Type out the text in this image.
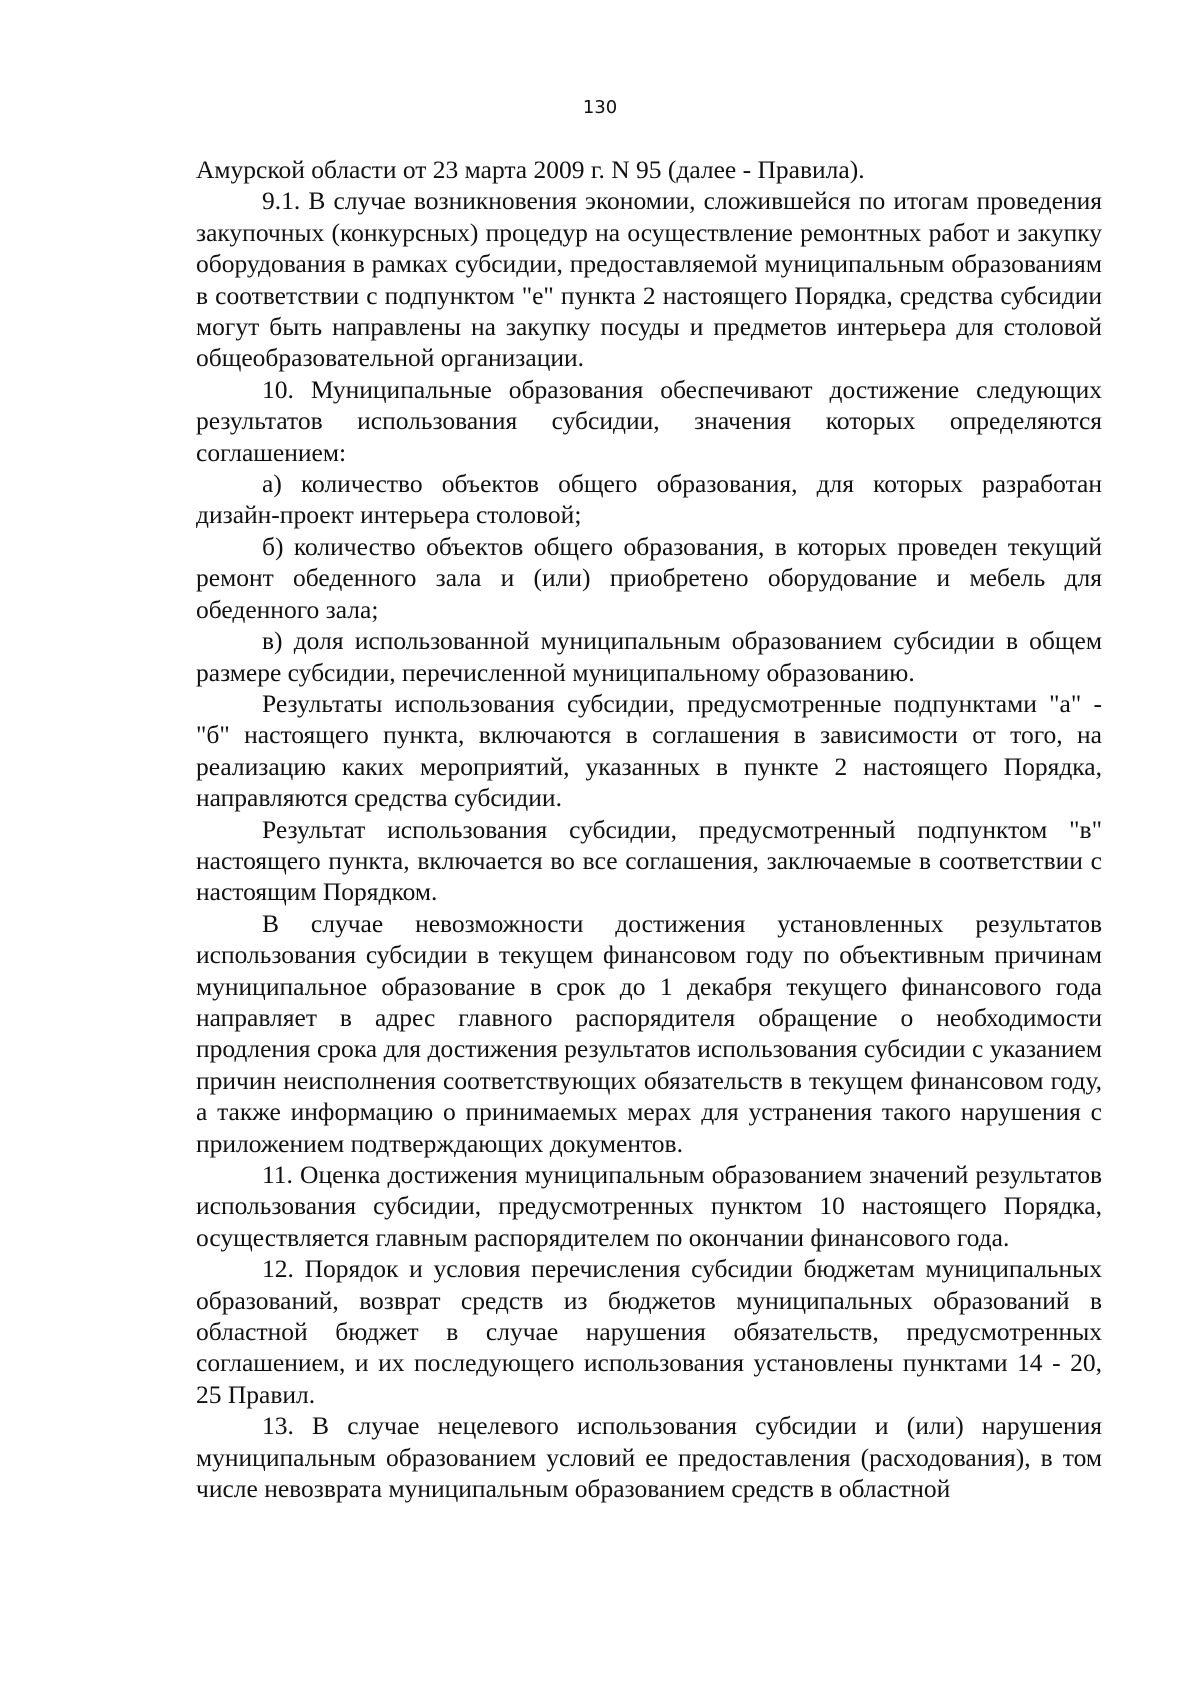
130

Амурской области от 23 марта 2009 г. N 95 (далее - Правила).

9.1. В случае возникновения экономии, сложившейся по итогам проведения закупочных (конкурсных) процедур на осуществление ремонтных работ и закупку оборудования в рамках субсидии, предоставляемой муниципальным образованиям в соответствии с подпунктом "е" пункта 2 настоящего Порядка, средства субсидии могут быть направлены на закупку посуды и предметов интерьера для столовой общеобразовательной организации.

10. Муниципальные образования обеспечивают достижение следующих результатов использования субсидии, значения которых определяются соглашением:

а) количество объектов общего образования, для которых разработан дизайн-проект интерьера столовой;

б) количество объектов общего образования, в которых проведен текущий ремонт обеденного зала и (или) приобретено оборудование и мебель для обеденного зала;

в) доля использованной муниципальным образованием субсидии в общем размере субсидии, перечисленной муниципальному образованию.

Результаты использования субсидии, предусмотренные подпунктами "а" - "б" настоящего пункта, включаются в соглашения в зависимости от того, на реализацию каких мероприятий, указанных в пункте 2 настоящего Порядка, направляются средства субсидии.

Результат использования субсидии, предусмотренный подпунктом "в" настоящего пункта, включается во все соглашения, заключаемые в соответствии с настоящим Порядком.

В случае невозможности достижения установленных результатов использования субсидии в текущем финансовом году по объективным причинам муниципальное образование в срок до 1 декабря текущего финансового года направляет в адрес главного распорядителя обращение о необходимости продления срока для достижения результатов использования субсидии с указанием причин неисполнения соответствующих обязательств в текущем финансовом году, а также информацию о принимаемых мерах для устранения такого нарушения с приложением подтверждающих документов.

11. Оценка достижения муниципальным образованием значений результатов использования субсидии, предусмотренных пунктом 10 настоящего Порядка, осуществляется главным распорядителем по окончании финансового года.

12. Порядок и условия перечисления субсидии бюджетам муниципальных образований, возврат средств из бюджетов муниципальных образований в областной бюджет в случае нарушения обязательств, предусмотренных соглашением, и их последующего использования установлены пунктами 14 - 20, 25 Правил.

13. В случае нецелевого использования субсидии и (или) нарушения муниципальным образованием условий ее предоставления (расходования), в том числе невозврата муниципальным образованием средств в областной
